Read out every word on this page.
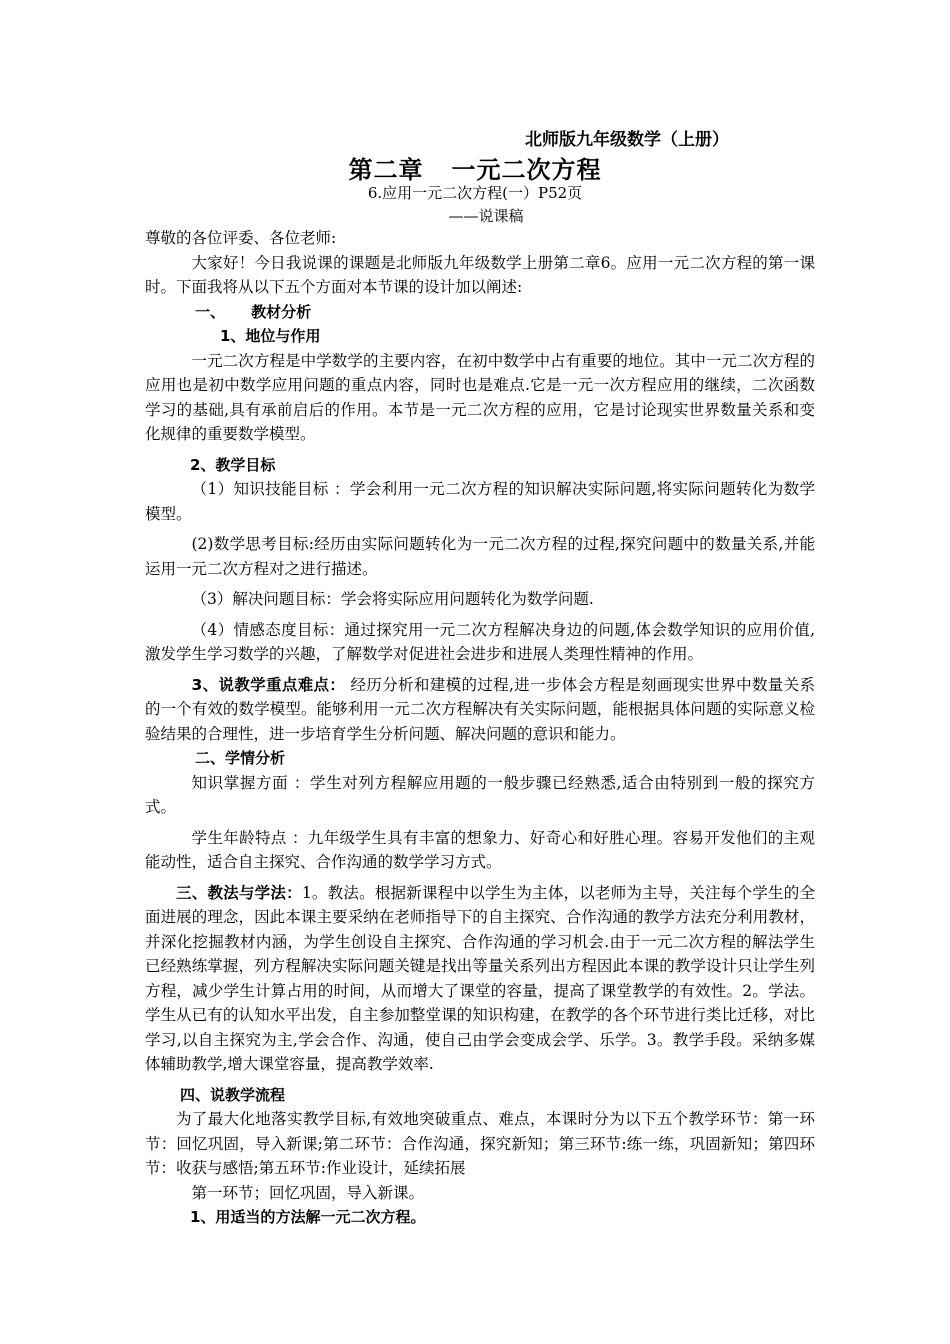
北师版九年级数学（上册）
第二章   一元二次方程
6.应用一元二次方程(一）P52页
——说课稿

尊敬的各位评委、各位老师:

大家好！今日我说课的课题是北师版九年级数学上册第二章6。应用一元二次方程的第一课时。下面我将从以下五个方面对本节课的设计加以阐述:

一、     教材分析

1、地位与作用

一元二次方程是中学数学的主要内容，在初中数学中占有重要的地位。其中一元二次方程的应用也是初中数学应用问题的重点内容，同时也是难点.它是一元一次方程应用的继续，二次函数学习的基础,具有承前启后的作用。本节是一元二次方程的应用，它是讨论现实世界数量关系和变化规律的重要数学模型。

2、教学目标

（1）知识技能目标 ：学会利用一元二次方程的知识解决实际问题,将实际问题转化为数学模型。

(2)数学思考目标:经历由实际问题转化为一元二次方程的过程,探究问题中的数量关系,并能运用一元二次方程对之进行描述。

（3）解决问题目标：学会将实际应用问题转化为数学问题.

（4）情感态度目标：通过探究用一元二次方程解决身边的问题,体会数学知识的应用价值,激发学生学习数学的兴趣，了解数学对促进社会进步和进展人类理性精神的作用。

3、说教学重点难点： 经历分析和建模的过程,进一步体会方程是刻画现实世界中数量关系的一个有效的数学模型。能够利用一元二次方程解决有关实际问题，能根据具体问题的实际意义检验结果的合理性，进一步培育学生分析问题、解决问题的意识和能力。

二、学情分析

知识掌握方面 ：学生对列方程解应用题的一般步骤已经熟悉,适合由特别到一般的探究方式。

学生年龄特点 ：九年级学生具有丰富的想象力、好奇心和好胜心理。容易开发他们的主观能动性，适合自主探究、合作沟通的数学学习方式。

三、教法与学法：1。教法。根据新课程中以学生为主体，以老师为主导，关注每个学生的全面进展的理念，因此本课主要采纳在老师指导下的自主探究、合作沟通的教学方法充分利用教材，并深化挖掘教材内涵，为学生创设自主探究、合作沟通的学习机会.由于一元二次方程的解法学生已经熟练掌握，列方程解决实际问题关键是找出等量关系列出方程因此本课的教学设计只让学生列方程，减少学生计算占用的时间，从而增大了课堂的容量，提高了课堂教学的有效性。2。学法。学生从已有的认知水平出发，自主参加整堂课的知识构建，在教学的各个环节进行类比迁移，对比学习,以自主探究为主,学会合作、沟通，使自己由学会变成会学、乐学。3。教学手段。采纳多媒体辅助教学,增大课堂容量，提高教学效率.

四、说教学流程

为了最大化地落实教学目标,有效地突破重点、难点，本课时分为以下五个教学环节：第一环节：回忆巩固，导入新课;第二环节：合作沟通，探究新知；第三环节:练一练，巩固新知；第四环节：收获与感悟;第五环节:作业设计，延续拓展

第一环节；回忆巩固，导入新课。

1、用适当的方法解一元二次方程。
